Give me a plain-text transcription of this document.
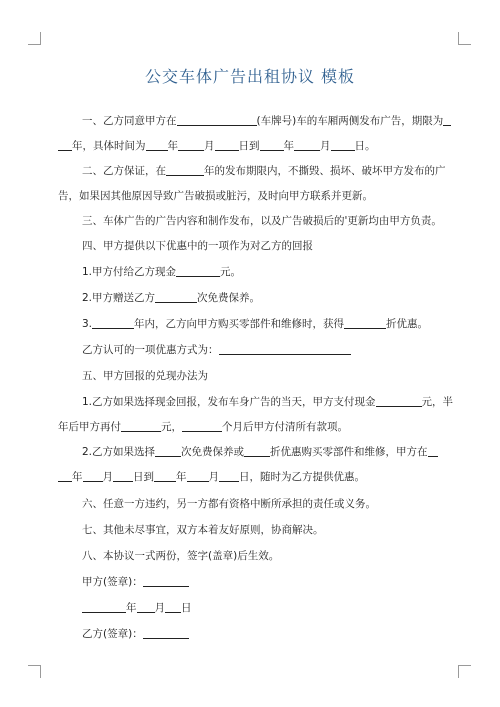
公交车体广告出租协议 模板
一、乙方同意甲方在	(车牌号)车的车厢两侧发布广告，期限为
年，具体时间为 年 月 日到 年 月 日。
二、乙方保证，在	年的发布期限内，不撕毁、损坏、破坏甲方发布的广
告，如果因其他原因导致广告破损或脏污，及时向甲方联系并更新。
三、车体广告的广告内容和制作发布，以及广告破损后的'更新均由甲方负责。
四、甲方提供以下优惠中的一项作为对乙方的回报
1.甲方付给乙方现金	元。
2.甲方赠送乙方	次免费保养。
3.	年内，乙方向甲方购买零部件和维修时，获得	折优惠。
乙方认可的一项优惠方式为：
五、甲方回报的兑现办法为
1.乙方如果选择现金回报，发布车身广告的当天，甲方支付现金	元，半
年后甲方再付	元，	个月后甲方付清所有款项。
2.乙方如果选择 次免费保养或 折优惠购买零部件和维修，甲方在
年 月 日到 年 月 日，随时为乙方提供优惠。
六、任意一方违约，另一方都有资格中断所承担的责任或义务。
七、其他未尽事宜，双方本着友好原则，协商解决。
八、本协议一式两份，签字(盖章)后生效。
甲方(签章)：
年 月 日
乙方(签章)：
